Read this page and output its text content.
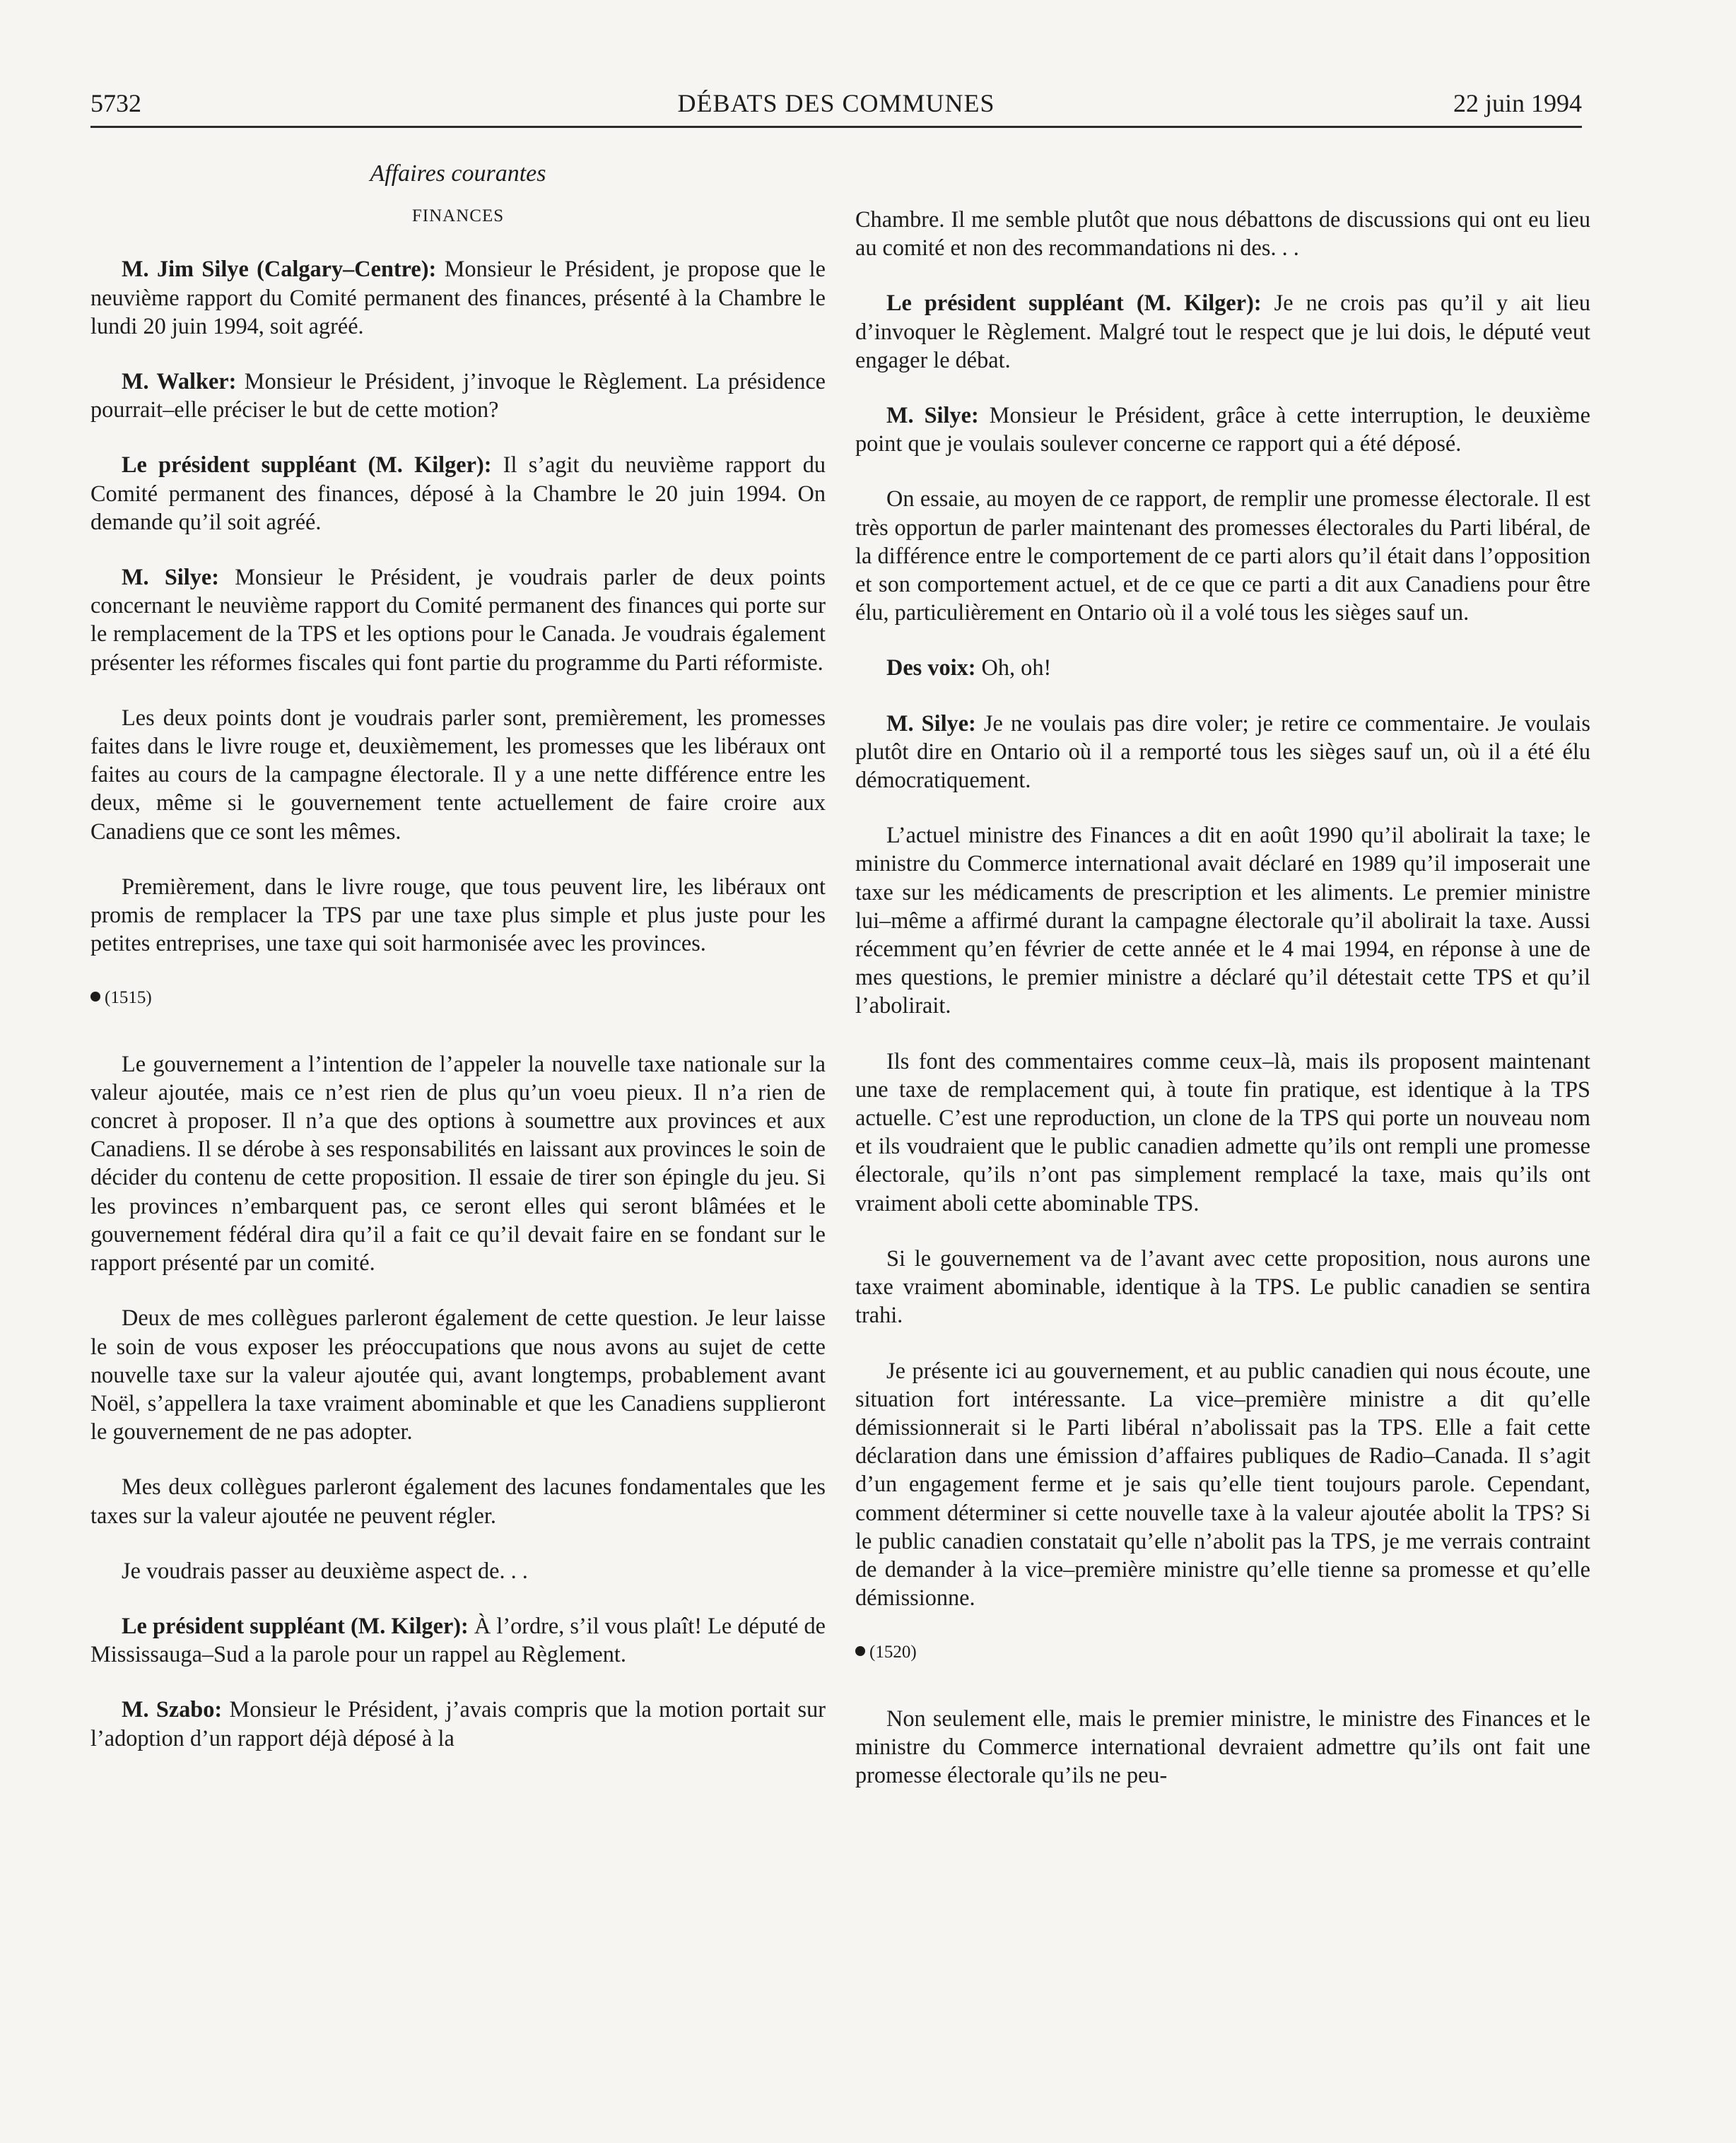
5732	DÉBATS DES COMMUNES	22 juin 1994

Affaires courantes

FINANCES

M. Jim Silye (Calgary–Centre): Monsieur le Président, je propose que le neuvième rapport du Comité permanent des finances, présenté à la Chambre le lundi 20 juin 1994, soit agréé.

M. Walker: Monsieur le Président, j’invoque le Règlement. La présidence pourrait–elle préciser le but de cette motion?

Le président suppléant (M. Kilger): Il s’agit du neuvième rapport du Comité permanent des finances, déposé à la Chambre le 20 juin 1994. On demande qu’il soit agréé.

M. Silye: Monsieur le Président, je voudrais parler de deux points concernant le neuvième rapport du Comité permanent des finances qui porte sur le remplacement de la TPS et les options pour le Canada. Je voudrais également présenter les réformes fiscales qui font partie du programme du Parti réformiste.

Les deux points dont je voudrais parler sont, premièrement, les promesses faites dans le livre rouge et, deuxièmement, les promesses que les libéraux ont faites au cours de la campagne électorale. Il y a une nette différence entre les deux, même si le gouvernement tente actuellement de faire croire aux Canadiens que ce sont les mêmes.

Premièrement, dans le livre rouge, que tous peuvent lire, les libéraux ont promis de remplacer la TPS par une taxe plus simple et plus juste pour les petites entreprises, une taxe qui soit harmonisée avec les provinces.

(1515)

Le gouvernement a l’intention de l’appeler la nouvelle taxe nationale sur la valeur ajoutée, mais ce n’est rien de plus qu’un voeu pieux. Il n’a rien de concret à proposer. Il n’a que des options à soumettre aux provinces et aux Canadiens. Il se dérobe à ses responsabilités en laissant aux provinces le soin de décider du contenu de cette proposition. Il essaie de tirer son épingle du jeu. Si les provinces n’embarquent pas, ce seront elles qui seront blâmées et le gouvernement fédéral dira qu’il a fait ce qu’il devait faire en se fondant sur le rapport présenté par un comité.

Deux de mes collègues parleront également de cette question. Je leur laisse le soin de vous exposer les préoccupations que nous avons au sujet de cette nouvelle taxe sur la valeur ajoutée qui, avant longtemps, probablement avant Noël, s’appellera la taxe vraiment abominable et que les Canadiens supplieront le gouvernement de ne pas adopter.

Mes deux collègues parleront également des lacunes fondamentales que les taxes sur la valeur ajoutée ne peuvent régler.

Je voudrais passer au deuxième aspect de. . .

Le président suppléant (M. Kilger): À l’ordre, s’il vous plaît! Le député de Mississauga–Sud a la parole pour un rappel au Règlement.

M. Szabo: Monsieur le Président, j’avais compris que la motion portait sur l’adoption d’un rapport déjà déposé à la

Chambre. Il me semble plutôt que nous débattons de discussions qui ont eu lieu au comité et non des recommandations ni des. . .

Le président suppléant (M. Kilger): Je ne crois pas qu’il y ait lieu d’invoquer le Règlement. Malgré tout le respect que je lui dois, le député veut engager le débat.

M. Silye: Monsieur le Président, grâce à cette interruption, le deuxième point que je voulais soulever concerne ce rapport qui a été déposé.

On essaie, au moyen de ce rapport, de remplir une promesse électorale. Il est très opportun de parler maintenant des promesses électorales du Parti libéral, de la différence entre le comportement de ce parti alors qu’il était dans l’opposition et son comportement actuel, et de ce que ce parti a dit aux Canadiens pour être élu, particulièrement en Ontario où il a volé tous les sièges sauf un.

Des voix: Oh, oh!

M. Silye: Je ne voulais pas dire voler; je retire ce commentaire. Je voulais plutôt dire en Ontario où il a remporté tous les sièges sauf un, où il a été élu démocratiquement.

L’actuel ministre des Finances a dit en août 1990 qu’il abolirait la taxe; le ministre du Commerce international avait déclaré en 1989 qu’il imposerait une taxe sur les médicaments de prescription et les aliments. Le premier ministre lui–même a affirmé durant la campagne électorale qu’il abolirait la taxe. Aussi récemment qu’en février de cette année et le 4 mai 1994, en réponse à une de mes questions, le premier ministre a déclaré qu’il détestait cette TPS et qu’il l’abolirait.

Ils font des commentaires comme ceux–là, mais ils proposent maintenant une taxe de remplacement qui, à toute fin pratique, est identique à la TPS actuelle. C’est une reproduction, un clone de la TPS qui porte un nouveau nom et ils voudraient que le public canadien admette qu’ils ont rempli une promesse électorale, qu’ils n’ont pas simplement remplacé la taxe, mais qu’ils ont vraiment aboli cette abominable TPS.

Si le gouvernement va de l’avant avec cette proposition, nous aurons une taxe vraiment abominable, identique à la TPS. Le public canadien se sentira trahi.

Je présente ici au gouvernement, et au public canadien qui nous écoute, une situation fort intéressante. La vice–première ministre a dit qu’elle démissionnerait si le Parti libéral n’abolissait pas la TPS. Elle a fait cette déclaration dans une émission d’affaires publiques de Radio–Canada. Il s’agit d’un engagement ferme et je sais qu’elle tient toujours parole. Cependant, comment déterminer si cette nouvelle taxe à la valeur ajoutée abolit la TPS? Si le public canadien constatait qu’elle n’abolit pas la TPS, je me verrais contraint de demander à la vice–première ministre qu’elle tienne sa promesse et qu’elle démissionne.

(1520)

Non seulement elle, mais le premier ministre, le ministre des Finances et le ministre du Commerce international devraient admettre qu’ils ont fait une promesse électorale qu’ils ne peu-
